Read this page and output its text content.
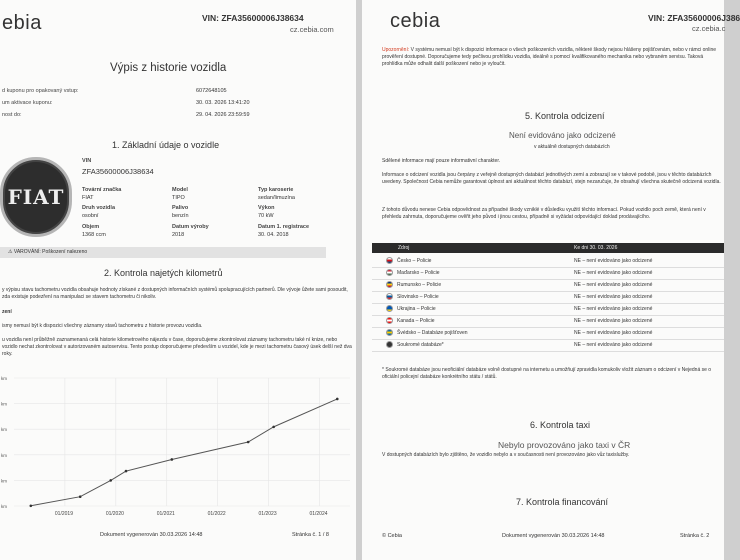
ebia	VIN: ZFA35600006J38634
cz.cebia.com
Výpis z historie vozidla
d kuponu pro opakovaný vstup:	6072648105
um aktivace kuponu:	30. 03. 2026 13:41:20
nost do:	29. 04. 2026 23:59:59
1. Základní údaje o vozidle
FIAT
VIN
ZFA35600006J38634
Tovární značka
FIAT
Model
TIPO
Typ karoserie
sedan/limuzína
Druh vozidla
osobní
Palivo
benzín
Výkon
70 kW
Objem
1368 ccm
Datum výroby
2018
Datum 1. registrace
30. 04. 2018
⚠ VAROVÁNÍ: Poškození nalezeno
2. Kontrola najetých kilometrů
y výpisu stavu tachometru vozidla obsahuje hodnoty získané z dostupných informačních systémů spolupracujících partnerů. Dle vývoje ůžete sami posoudit, zda existuje podezření na manipulaci se stavem tachometru či nikoliv.
zení
ismy nemusí být k dispozici všechny záznamy stavů tachometru z historie provozu vozidla.
u vozidla není průběžně zaznamenaná celá historie kilometrového nájezdu v čase, doporučujeme zkontrolovat záznamy tachometru také ní knize, nebo vozidlo nechat zkontrolovat v autorizovaném autoservisu. Tento postup doporučujeme především u vozidel, kde je mezi tachometru časový úsek delší než dva roky.
km
km
km
km
km
km
01/2019	01/2020	01/2021	01/2022	01/2023	01/2024
Dokument vygenerován 30.03.2026 14:48	Stránka č. 1 / 8
cebia	VIN: ZFA35600006J386
cz.cebia.c
Upozornění: V systému nemusí být k dispozici informace o všech poškozeních vozidla, některé škody nejsou hlášeny pojišťovnám, nebo v rámci online prověření dostupné. Doporučujeme tedy pečlivou prohlídku vozidla, ideálně s pomocí kvalifikovaného mechanika nebo vybraném servisu. Taková prohlídka může odhalit další poškození nebo je vyloučit.
5. Kontrola odcizení
Není evidováno jako odcizené
v aktuálně dostupných databázích
Sdělené informace mají pouze informativní charakter.
Informace o odcizení vozidla jsou čerpány z veřejně dostupných databází jednotlivých zemí a zobrazují se v takové podobě, jsou v těchto databázích uvedeny. Společnost Cebia nemůže garantovat úplnost ani aktuálnost těchto databází, stejn nezaručuje, že obsahují všechna skutečně odcizená vozidla.
Z tohoto důvodu nenese Cebia odpovědnost za případné škody vzniklé v důsledku využití těchto informací. Pokud vozidlo poch země, která není v přehledu zahrnuta, doporučujeme ověřit jeho původ i jinou cestou, případně si vyžádat odpovídající doklad prodávajícího.
Zdroj	Ke dni 30. 03. 2026
Česko – Policie	NE – není evidováno jako odcizené
Maďarsko – Policie	NE – není evidováno jako odcizené
Rumunsko – Policie	NE – není evidováno jako odcizené
Slovinsko – Policie	NE – není evidováno jako odcizené
Ukrajina – Policie	NE – není evidováno jako odcizené
Kanada – Policie	NE – není evidováno jako odcizené
Švédsko – Databáze pojišťoven	NE – není evidováno jako odcizené
Soukromé databáze*	NE – není evidováno jako odcizené
* Soukromé databáze jsou neoficiální databáze volně dostupné na internetu a umožňují zpravidla komukoliv vložit záznam o odcizení v Nejedná se o oficiální policejní databáze konkrétního státu / států.
6. Kontrola taxi
Nebylo provozováno jako taxi v ČR
V dostupných databázích bylo zjištěno, že vozidlo nebylo a v současnosti není provozováno jako vůz taxislužby.
7. Kontrola financování
© Cebia	Dokument vygenerován 30.03.2026 14:48	Stránka č. 2
